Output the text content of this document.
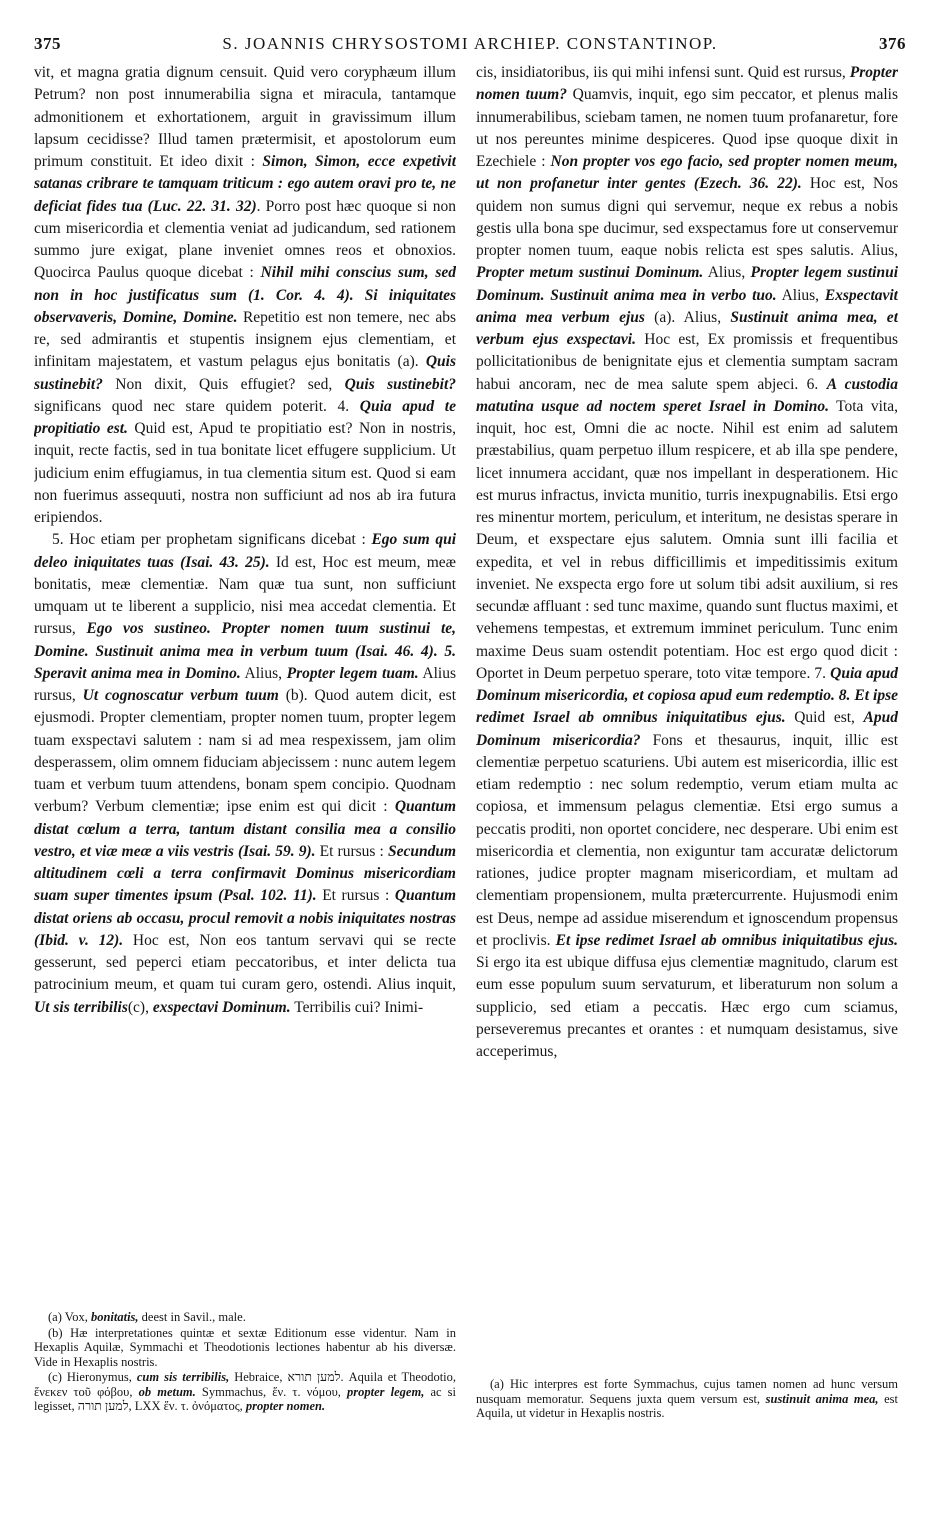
375	S. JOANNIS CHRYSOSTOMI ARCHIEP. CONSTANTINOP.	376

vit, et magna gratia dignum censuit. Quid vero coryphæum illum Petrum? non post innumerabilia signa et miracula, tantamque admonitionem et exhortationem, arguit in gravissimum illum lapsum cecidisse? Illud tamen prætermisit, et apostolorum eum primum constituit. Et ideo dixit : Simon, Simon, ecce expetivit satanas cribrare te tamquam triticum : ego autem oravi pro te, ne deficiat fides tua (Luc. 22. 31. 32). Porro post hæc quoque si non cum misericordia et clementia veniat ad judicandum, sed rationem summo jure exigat, plane inveniet omnes reos et obnoxios. Quocirca Paulus quoque dicebat : Nihil mihi conscius sum, sed non in hoc justificatus sum (1. Cor. 4. 4). Si iniquitates observaveris, Domine, Domine. Repetitio est non temere, nec abs re, sed admirantis et stupentis insignem ejus clementiam, et infinitam majestatem, et vastum pelagus ejus bonitatis (a). Quis sustinebit? Non dixit, Quis effugiet? sed, Quis sustinebit? significans quod nec stare quidem poterit. 4. Quia apud te propitiatio est. Quid est, Apud te propitiatio est? Non in nostris, inquit, recte factis, sed in tua bonitate licet effugere supplicium. Ut judicium enim effugiamus, in tua clementia situm est. Quod si eam non fuerimus assequuti, nostra non sufficiunt ad nos ab ira futura eripiendos.

5. Hoc etiam per prophetam significans dicebat : Ego sum qui deleo iniquitates tuas (Isai. 43. 25). Id est, Hoc est meum, meæ bonitatis, meæ clementiæ. Nam quæ tua sunt, non sufficiunt umquam ut te liberent a supplicio, nisi mea accedat clementia. Et rursus, Ego vos sustineo. Propter nomen tuum sustinui te, Domine. Sustinuit anima mea in verbum tuum (Isai. 46. 4). 5. Speravit anima mea in Domino. Alius, Propter legem tuam. Alius rursus, Ut cognoscatur verbum tuum (b). Quod autem dicit, est ejusmodi. Propter clementiam, propter nomen tuum, propter legem tuam exspectavi salutem : nam si ad mea respexissem, jam olim desperassem, olim omnem fiduciam abjecissem : nunc autem legem tuam et verbum tuum attendens, bonam spem concipio. Quodnam verbum? Verbum clementiæ; ipse enim est qui dicit : Quantum distat cœlum a terra, tantum distant consilia mea a consilio vestro, et viæ meæ a viis vestris (Isai. 59. 9). Et rursus : Secundum altitudinem cœli a terra confirmavit Dominus misericordiam suam super timentes ipsum (Psal. 102. 11). Et rursus : Quantum distat oriens ab occasu, procul removit a nobis iniquitates nostras (Ibid. v. 12). Hoc est, Non eos tantum servavi qui se recte gesserunt, sed peperci etiam peccatoribus, et inter delicta tua patrocinium meum, et quam tui curam gero, ostendi. Alius inquit, Ut sis terribilis(c), exspectavi Dominum. Terribilis cui? Inimi-

(a) Vox, bonitatis, deest in Savil., male.

(b) Hæ interpretationes quintæ et sextæ Editionum esse videntur. Nam in Hexaplis Aquilæ, Symmachi et Theodotionis lectiones habentur ab his diversæ. Vide in Hexaplis nostris.

(c) Hieronymus, cum sis terribilis, Hebraice, למען תורא. Aquila et Theodotio, ἕνεκεν τοῦ φόβου, ob metum. Symmachus, ἕν. τ. νόμου, propter legem, ac si legisset, למען תורה, LXX ἕν. τ. ὀνόματος, propter nomen.

cis, insidiatoribus, iis qui mihi infensi sunt. Quid est rursus, Propter nomen tuum? Quamvis, inquit, ego sim peccator, et plenus malis innumerabilibus, sciebam tamen, ne nomen tuum profanaretur, fore ut nos pereuntes minime despiceres. Quod ipse quoque dixit in Ezechiele : Non propter vos ego facio, sed propter nomen meum, ut non profanetur inter gentes (Ezech. 36. 22). Hoc est, Nos quidem non sumus digni qui servemur, neque ex rebus a nobis gestis ulla bona spe ducimur, sed exspectamus fore ut conservemur propter nomen tuum, eaque nobis relicta est spes salutis. Alius, Propter metum sustinui Dominum. Alius, Propter legem sustinui Dominum. Sustinuit anima mea in verbo tuo. Alius, Exspectavit anima mea verbum ejus (a). Alius, Sustinuit anima mea, et verbum ejus exspectavi. Hoc est, Ex promissis et frequentibus pollicitationibus de benignitate ejus et clementia sumptam sacram habui ancoram, nec de mea salute spem abjeci. 6. A custodia matutina usque ad noctem speret Israel in Domino. Tota vita, inquit, hoc est, Omni die ac nocte. Nihil est enim ad salutem præstabilius, quam perpetuo illum respicere, et ab illa spe pendere, licet innumera accidant, quæ nos impellant in desperationem. Hic est murus infractus, invicta munitio, turris inexpugnabilis. Etsi ergo res minentur mortem, periculum, et interitum, ne desistas sperare in Deum, et exspectare ejus salutem. Omnia sunt illi facilia et expedita, et vel in rebus difficillimis et impeditissimis exitum inveniet. Ne exspecta ergo fore ut solum tibi adsit auxilium, si res secundæ affluant : sed tunc maxime, quando sunt fluctus maximi, et vehemens tempestas, et extremum imminet periculum. Tunc enim maxime Deus suam ostendit potentiam. Hoc est ergo quod dicit : Oportet in Deum perpetuo sperare, toto vitæ tempore. 7. Quia apud Dominum misericordia, et copiosa apud eum redemptio. 8. Et ipse redimet Israel ab omnibus iniquitatibus ejus. Quid est, Apud Dominum misericordia? Fons et thesaurus, inquit, illic est clementiæ perpetuo scaturiens. Ubi autem est misericordia, illic est etiam redemptio : nec solum redemptio, verum etiam multa ac copiosa, et immensum pelagus clementiæ. Etsi ergo sumus a peccatis proditi, non oportet concidere, nec desperare. Ubi enim est misericordia et clementia, non exiguntur tam accuratæ delictorum rationes, judice propter magnam misericordiam, et multam ad clementiam propensionem, multa prætercurrente. Hujusmodi enim est Deus, nempe ad assidue miserendum et ignoscendum propensus et proclivis. Et ipse redimet Israel ab omnibus iniquitatibus ejus. Si ergo ita est ubique diffusa ejus clementiæ magnitudo, clarum est eum esse populum suum servaturum, et liberaturum non solum a supplicio, sed etiam a peccatis. Hæc ergo cum sciamus, perseveremus precantes et orantes : et numquam desistamus, sive acceperimus,

(a) Hic interpres est forte Symmachus, cujus tamen nomen ad hunc versum nusquam memoratur. Sequens juxta quem versum est, sustinuit anima mea, est Aquila, ut videtur in Hexaplis nostris.
